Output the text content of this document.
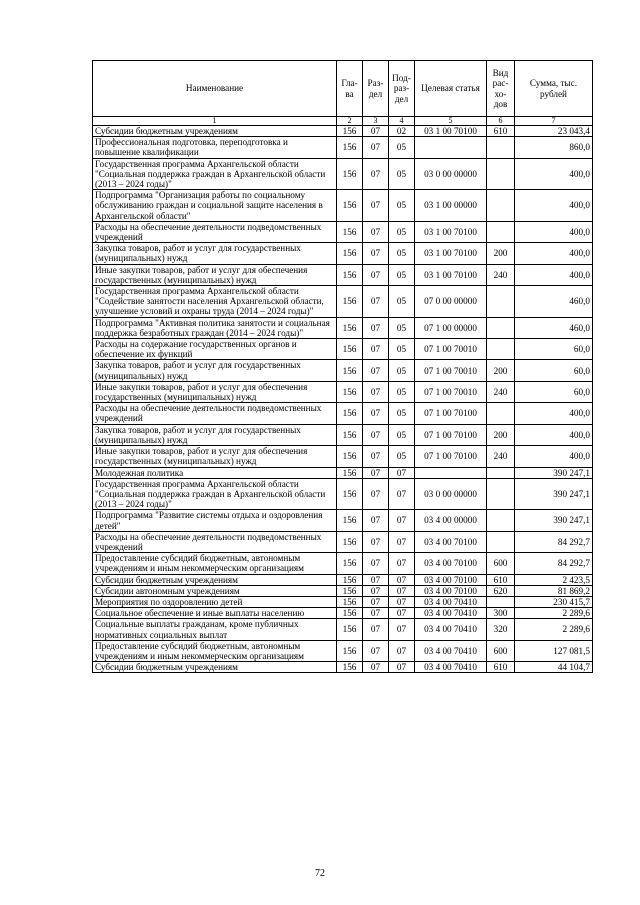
Наименование	Гла-ва	Раз-дел	Под-раз-дел	Целевая статья	Вид рас-хо-дов	Сумма, тыс. рублей
1	2	3	4	5	6	7
Субсидии бюджетным учреждениям	156	07	02	03 1 00 70100	610	23 043,4
Профессиональная подготовка, переподготовка и повышение квалификации	156	07	05			860,0
Государственная программа Архангельской области "Социальная поддержка граждан в Архангельской области (2013 – 2024 годы)"	156	07	05	03 0 00 00000		400,0
Подпрограмма "Организация работы по социальному обслуживанию граждан и социальной защите населения в Архангельской области"	156	07	05	03 1 00 00000		400,0
Расходы на обеспечение деятельности подведомственных учреждений	156	07	05	03 1 00 70100		400,0
Закупка товаров, работ и услуг для государственных (муниципальных) нужд	156	07	05	03 1 00 70100	200	400,0
Иные закупки товаров, работ и услуг для обеспечения государственных (муниципальных) нужд	156	07	05	03 1 00 70100	240	400,0
Государственная программа Архангельской области "Содействие занятости населения Архангельской области, улучшение условий и охраны труда (2014 – 2024 годы)"	156	07	05	07 0 00 00000		460,0
Подпрограмма "Активная политика занятости и социальная поддержка безработных граждан (2014 – 2024 годы)"	156	07	05	07 1 00 00000		460,0
Расходы на содержание государственных органов и обеспечение их функций	156	07	05	07 1 00 70010		60,0
Закупка товаров, работ и услуг для государственных (муниципальных) нужд	156	07	05	07 1 00 70010	200	60,0
Иные закупки товаров, работ и услуг для обеспечения государственных (муниципальных) нужд	156	07	05	07 1 00 70010	240	60,0
Расходы на обеспечение деятельности подведомственных учреждений	156	07	05	07 1 00 70100		400,0
Закупка товаров, работ и услуг для государственных (муниципальных) нужд	156	07	05	07 1 00 70100	200	400,0
Иные закупки товаров, работ и услуг для обеспечения государственных (муниципальных) нужд	156	07	05	07 1 00 70100	240	400,0
Молодежная политика	156	07	07			390 247,1
Государственная программа Архангельской области "Социальная поддержка граждан в Архангельской области (2013 – 2024 годы)"	156	07	07	03 0 00 00000		390 247,1
Подпрограмма "Развитие системы отдыха и оздоровления детей"	156	07	07	03 4 00 00000		390 247,1
Расходы на обеспечение деятельности подведомственных учреждений	156	07	07	03 4 00 70100		84 292,7
Предоставление субсидий бюджетным, автономным учреждениям и иным некоммерческим организациям	156	07	07	03 4 00 70100	600	84 292,7
Субсидии бюджетным учреждениям	156	07	07	03 4 00 70100	610	2 423,5
Субсидии автономным учреждениям	156	07	07	03 4 00 70100	620	81 869,2
Мероприятия по оздоровлению детей	156	07	07	03 4 00 70410		230 415,7
Социальное обеспечение и иные выплаты населению	156	07	07	03 4 00 70410	300	2 289,6
Социальные выплаты гражданам, кроме публичных нормативных социальных выплат	156	07	07	03 4 00 70410	320	2 289,6
Предоставление субсидий бюджетным, автономным учреждениям и иным некоммерческим организациям	156	07	07	03 4 00 70410	600	127 081,5
Субсидии бюджетным учреждениям	156	07	07	03 4 00 70410	610	44 104,7
72
